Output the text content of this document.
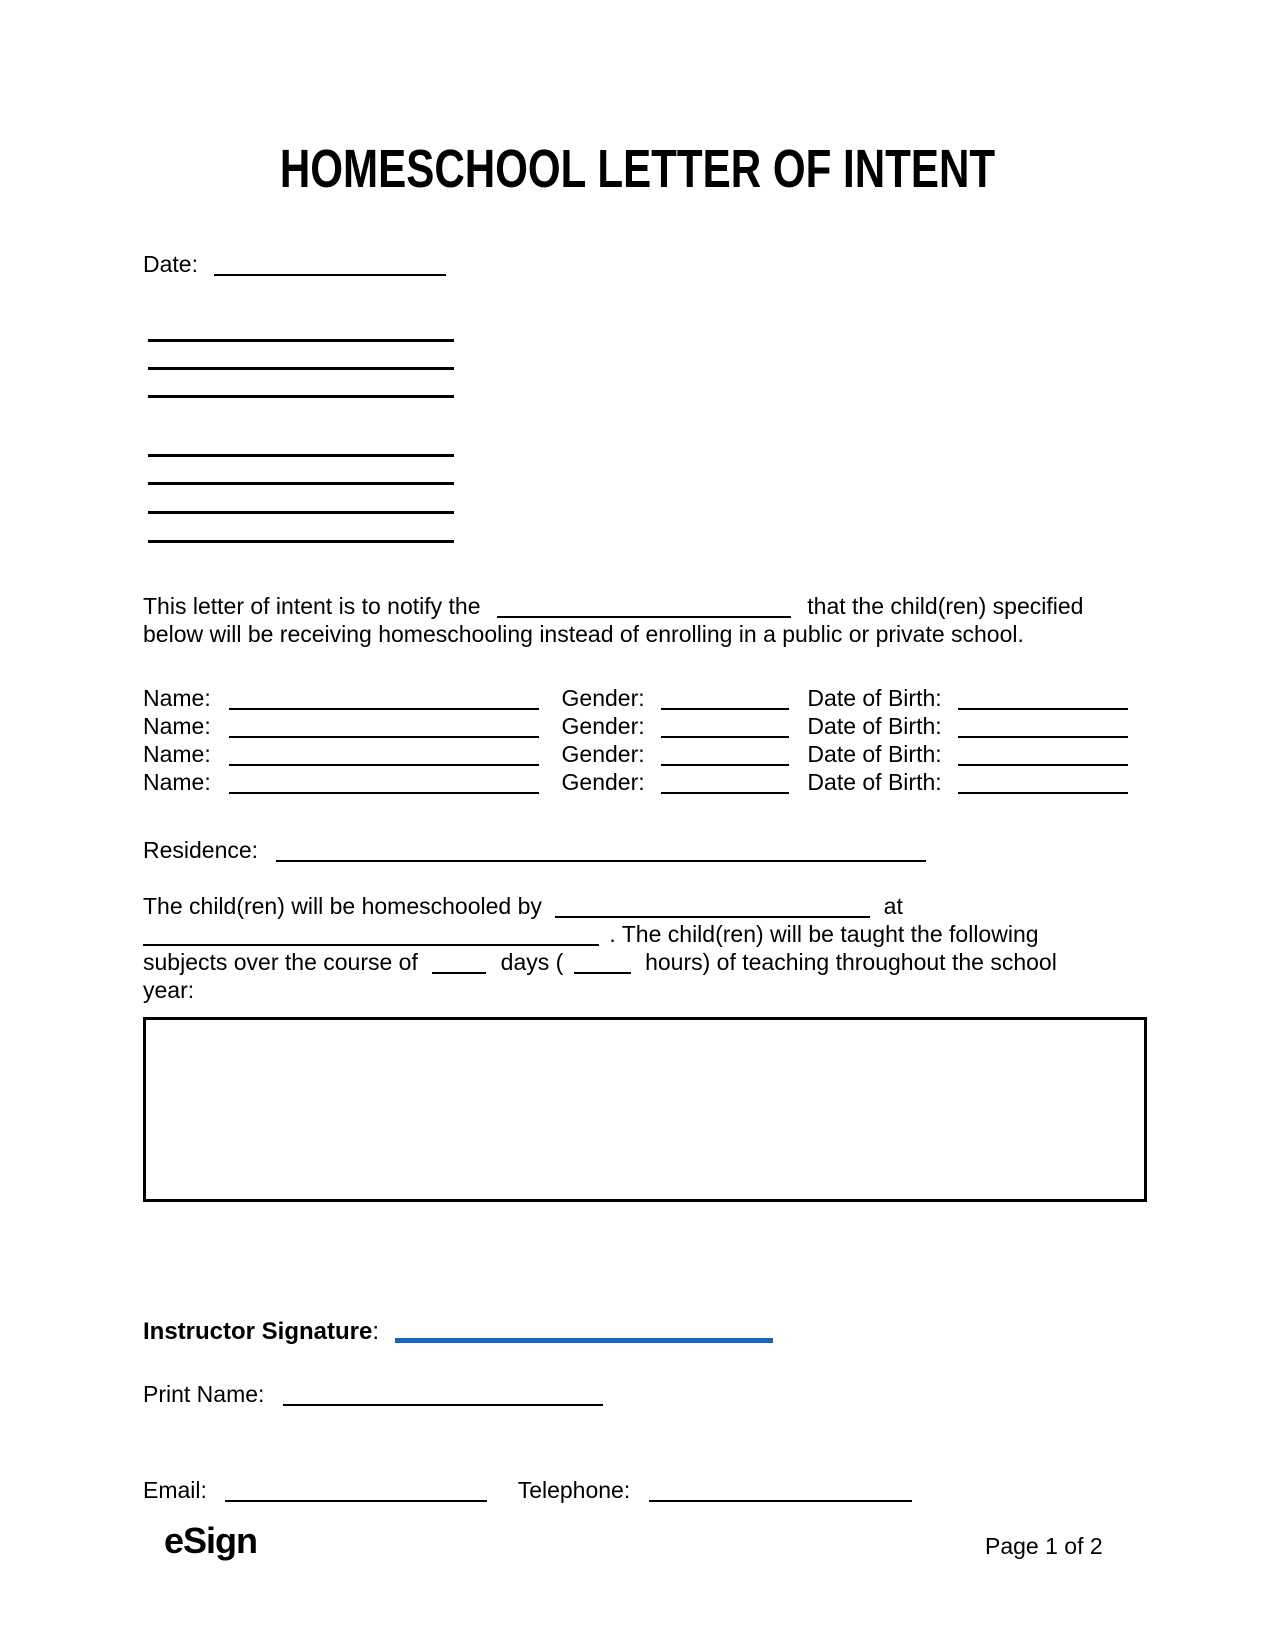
HOMESCHOOL LETTER OF INTENT
Date:
This letter of intent is to notify the	that the child(ren) specified
below will be receiving homeschooling instead of enrolling in a public or private school.
Name:	Gender:	Date of Birth:
Name:	Gender:	Date of Birth:
Name:	Gender:	Date of Birth:
Name:	Gender:	Date of Birth:
Residence:
The child(ren) will be homeschooled by	at
. The child(ren) will be taught the following
subjects over the course of	days (	hours) of teaching throughout the school
year:
Instructor Signature:
Print Name:
Email:	Telephone:
eSign	Page 1 of 2
